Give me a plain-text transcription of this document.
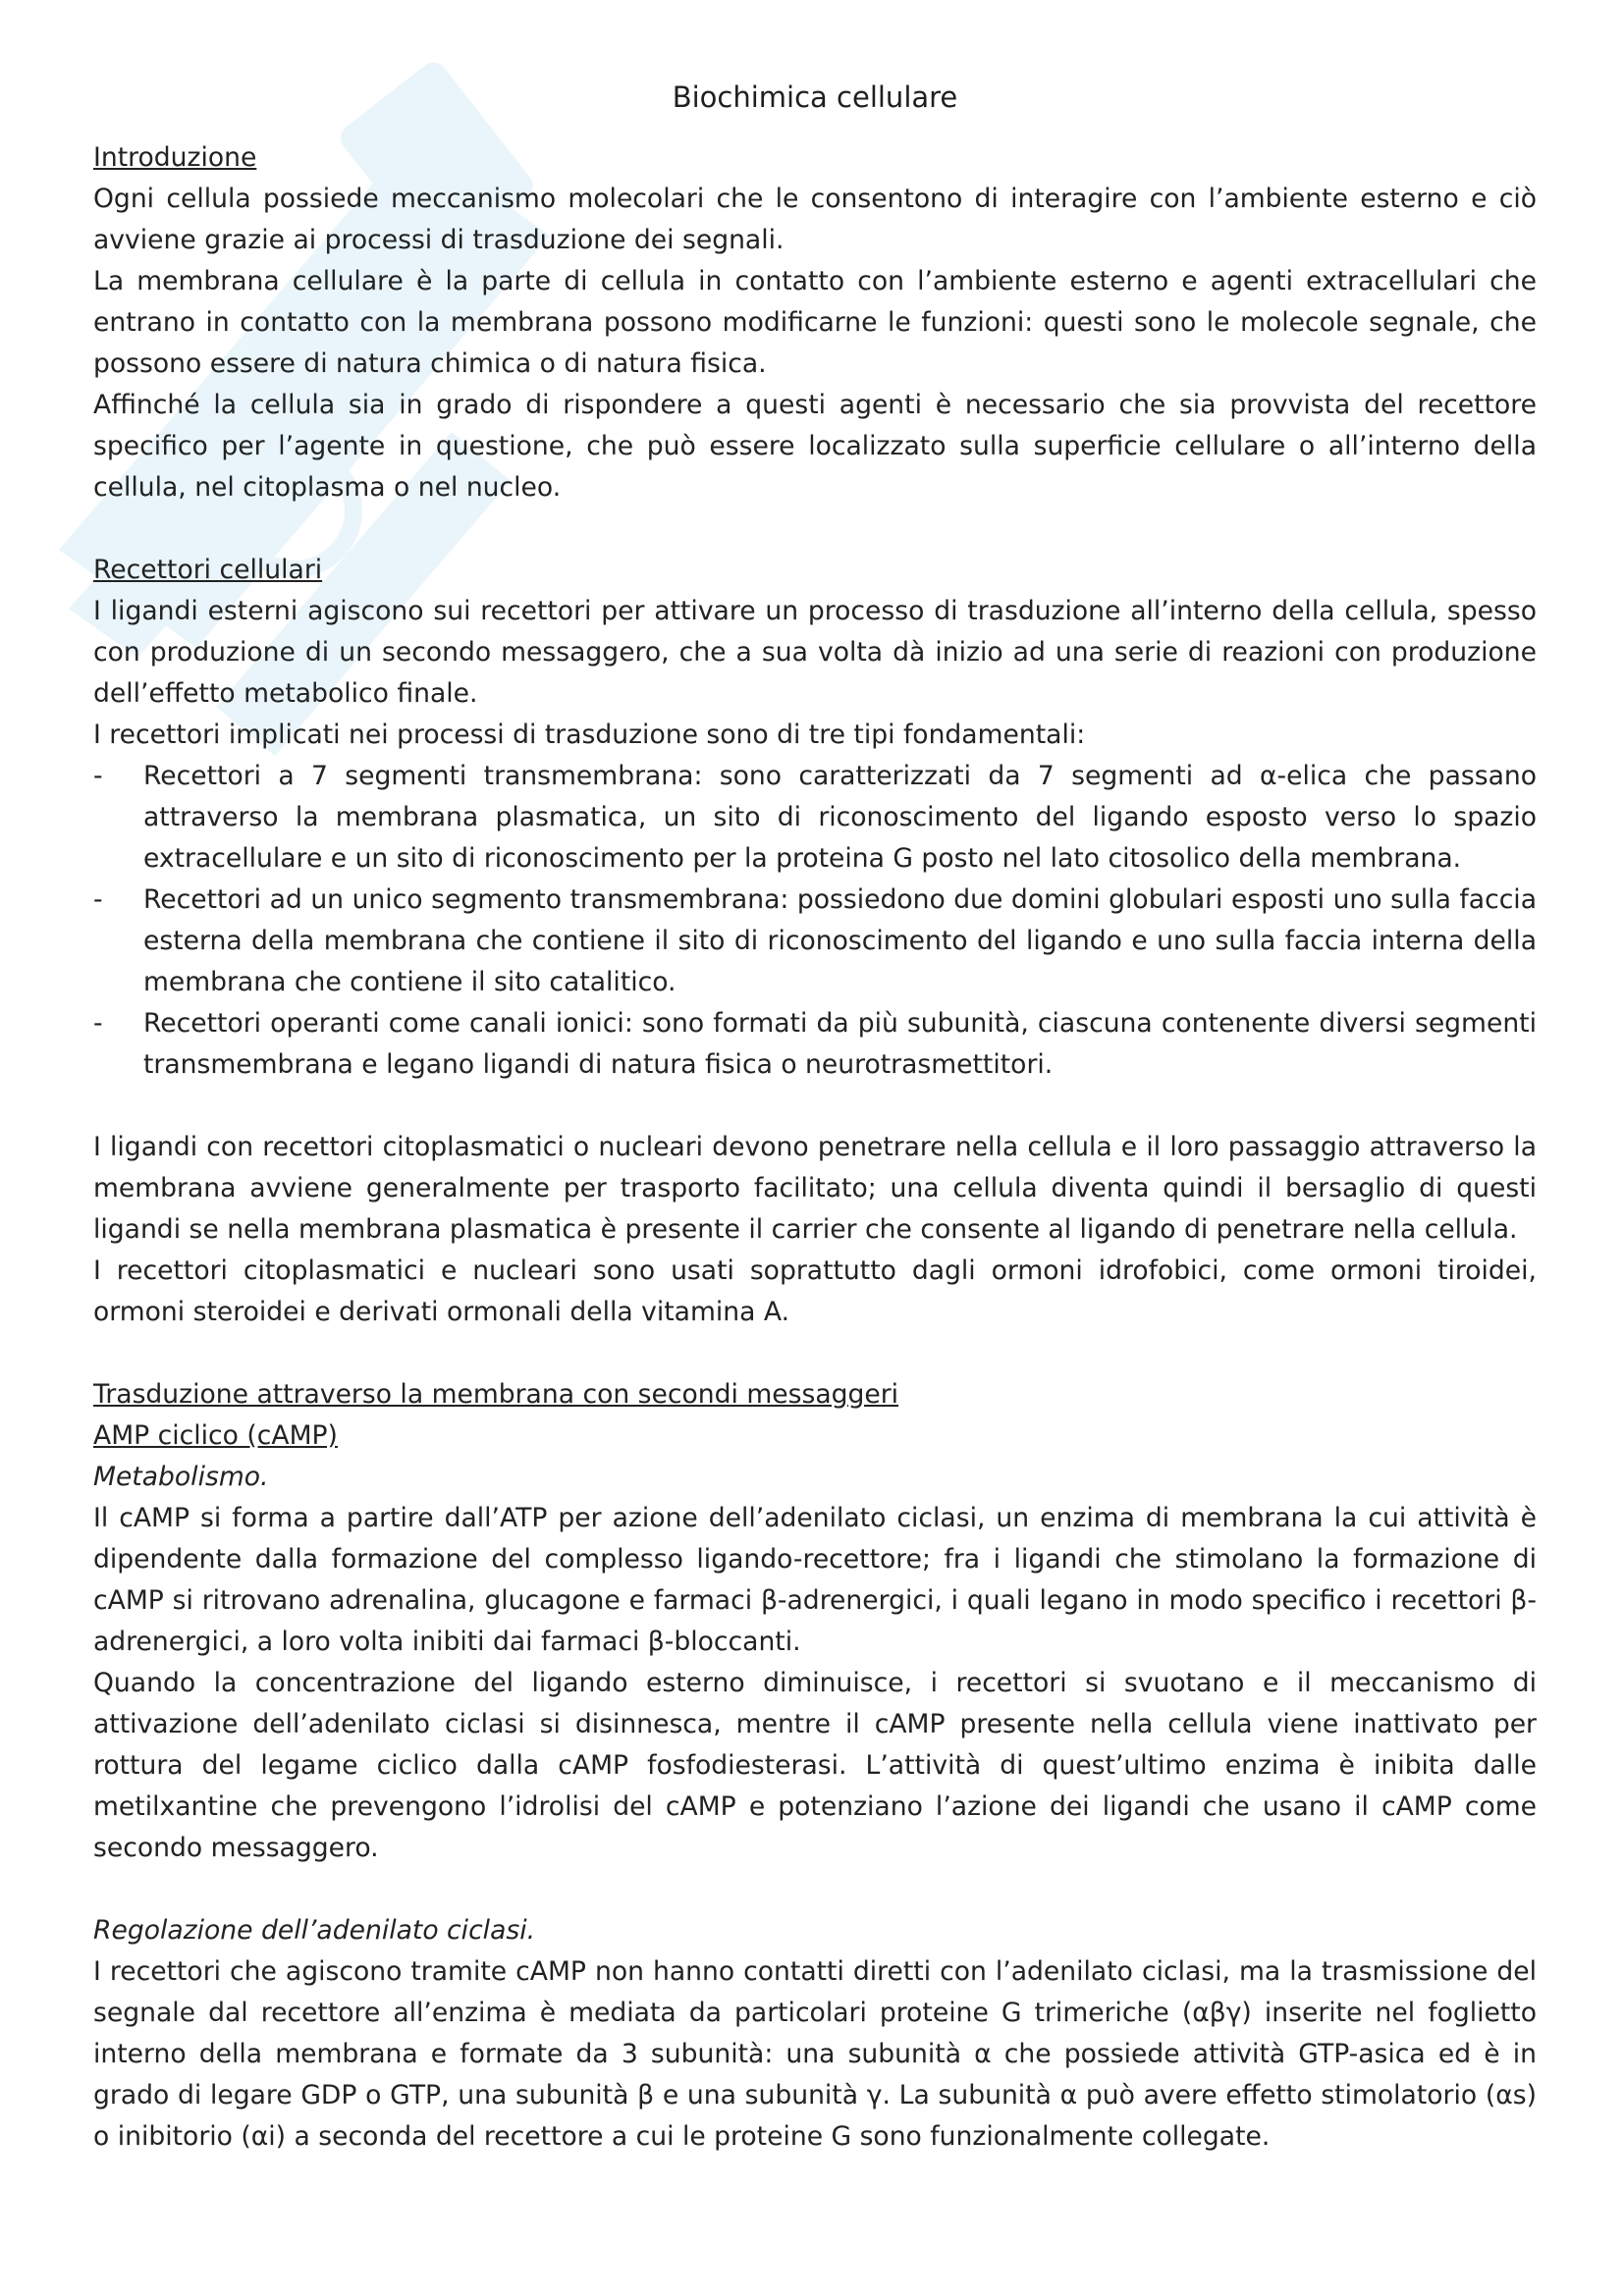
Biochimica cellulare
Introduzione

Ogni cellula possiede meccanismo molecolari che le consentono di interagire con l’ambiente esterno e ciò avviene grazie ai processi di trasduzione dei segnali.

La membrana cellulare è la parte di cellula in contatto con l’ambiente esterno e agenti extracellulari che entrano in contatto con la membrana possono modificarne le funzioni: questi sono le molecole segnale, che possono essere di natura chimica o di natura fisica.

Affinché la cellula sia in grado di rispondere a questi agenti è necessario che sia provvista del recettore specifico per l’agente in questione, che può essere localizzato sulla superficie cellulare o all’interno della cellula, nel citoplasma o nel nucleo.

Recettori cellulari

I ligandi esterni agiscono sui recettori per attivare un processo di trasduzione all’interno della cellula, spesso con produzione di un secondo messaggero, che a sua volta dà inizio ad una serie di reazioni con produzione dell’effetto metabolico finale.

I recettori implicati nei processi di trasduzione sono di tre tipi fondamentali:

- Recettori a 7 segmenti transmembrana: sono caratterizzati da 7 segmenti ad α-elica che passano attraverso la membrana plasmatica, un sito di riconoscimento del ligando esposto verso lo spazio extracellulare e un sito di riconoscimento per la proteina G posto nel lato citosolico della membrana.
- Recettori ad un unico segmento transmembrana: possiedono due domini globulari esposti uno sulla faccia esterna della membrana che contiene il sito di riconoscimento del ligando e uno sulla faccia interna della membrana che contiene il sito catalitico.
- Recettori operanti come canali ionici: sono formati da più subunità, ciascuna contenente diversi segmenti transmembrana e legano ligandi di natura fisica o neurotrasmettitori.

I ligandi con recettori citoplasmatici o nucleari devono penetrare nella cellula e il loro passaggio attraverso la membrana avviene generalmente per trasporto facilitato; una cellula diventa quindi il bersaglio di questi ligandi se nella membrana plasmatica è presente il carrier che consente al ligando di penetrare nella cellula.

I recettori citoplasmatici e nucleari sono usati soprattutto dagli ormoni idrofobici, come ormoni tiroidei, ormoni steroidei e derivati ormonali della vitamina A.

Trasduzione attraverso la membrana con secondi messaggeri
AMP ciclico (cAMP)

Metabolismo.

Il cAMP si forma a partire dall’ATP per azione dell’adenilato ciclasi, un enzima di membrana la cui attività è dipendente dalla formazione del complesso ligando-recettore; fra i ligandi che stimolano la formazione di cAMP si ritrovano adrenalina, glucagone e farmaci β-adrenergici, i quali legano in modo specifico i recettori β-adrenergici, a loro volta inibiti dai farmaci β-bloccanti.

Quando la concentrazione del ligando esterno diminuisce, i recettori si svuotano e il meccanismo di attivazione dell’adenilato ciclasi si disinnesca, mentre il cAMP presente nella cellula viene inattivato per rottura del legame ciclico dalla cAMP fosfodiesterasi. L’attività di quest’ultimo enzima è inibita dalle metilxantine che prevengono l’idrolisi del cAMP e potenziano l’azione dei ligandi che usano il cAMP come secondo messaggero.

Regolazione dell’adenilato ciclasi.

I recettori che agiscono tramite cAMP non hanno contatti diretti con l’adenilato ciclasi, ma la trasmissione del segnale dal recettore all’enzima è mediata da particolari proteine G trimeriche (αβγ) inserite nel foglietto interno della membrana e formate da 3 subunità: una subunità α che possiede attività GTP-asica ed è in grado di legare GDP o GTP, una subunità β e una subunità γ. La subunità α può avere effetto stimolatorio (αs) o inibitorio (αi) a seconda del recettore a cui le proteine G sono funzionalmente collegate.
